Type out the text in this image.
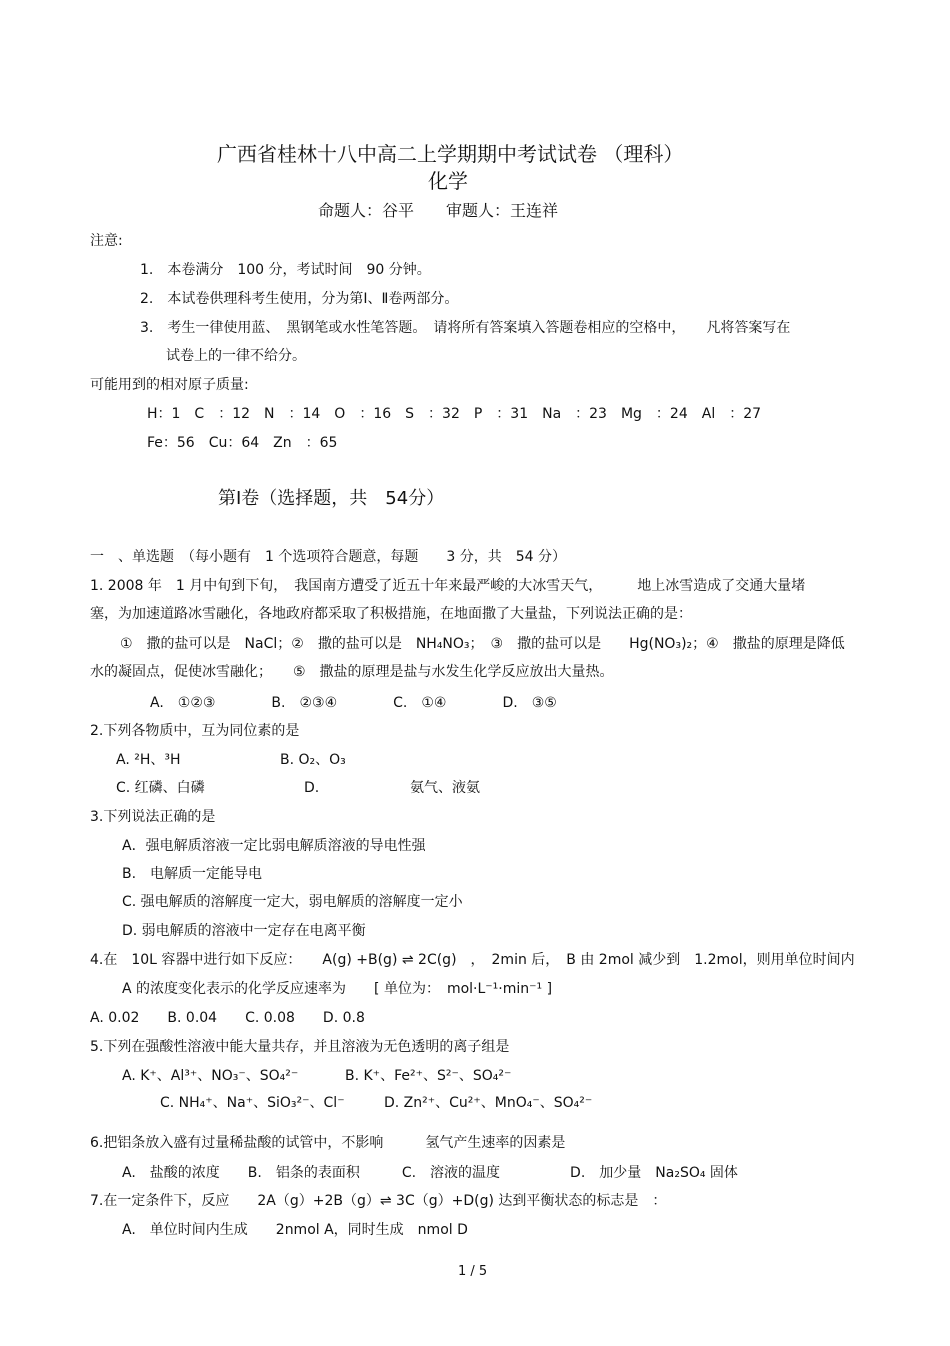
广西省桂林十八中高二上学期期中考试试卷 （理科）
化学
命题人：谷平　　审题人：王连祥
注意:
1.　本卷满分　100 分，考试时间　90 分钟。
2.　本试卷供理科考生使用，分为第Ⅰ、Ⅱ卷两部分。
3.　考生一律使用蓝、　黑钢笔或水性笔答题。　请将所有答案填入答题卷相应的空格中，　　凡将答案写在
试卷上的一律不给分。
可能用到的相对原子质量:
H：1　C　：12　N　：14　O　：16　S　：32　P　：31　Na　：23　Mg　：24　Al　：27
Fe：56　Cu：64　Zn　：65
第Ⅰ卷（选择题，共　54分）
一　、单选题　（每小题有　1 个选项符合题意，每题　　3 分，共　54 分）
1. 2008 年　1 月中旬到下旬，　我国南方遭受了近五十年来最严峻的大冰雪天气，　　　地上冰雪造成了交通大量堵
塞，为加速道路冰雪融化，各地政府都采取了积极措施，在地面撒了大量盐，下列说法正确的是：
①　撒的盐可以是　NaCl；②　撒的盐可以是　NH₄NO₃；　③　撒的盐可以是　　Hg(NO₃)₂；④　撒盐的原理是降低
水的凝固点，促使冰雪融化；　　⑤　撒盐的原理是盐与水发生化学反应放出大量热。
A.　①②③　　　　B.　②③④　　　　C.　①④　　　　D.　③⑤
2.下列各物质中，互为同位素的是
A. ²H、³H	B. O₂、O₃
C. 红磷、白磷	D.	氨气、液氨
3.下列说法正确的是
A．强电解质溶液一定比弱电解质溶液的导电性强
B.　电解质一定能导电
C. 强电解质的溶解度一定大，弱电解质的溶解度一定小
D. 弱电解质的溶液中一定存在电离平衡
4.在　10L 容器中进行如下反应：　　A(g) +B(g) ⇌ 2C(g)　，　2min 后，　B 由 2mol 减少到　1.2mol，则用单位时间内
A 的浓度变化表示的化学反应速率为　　[ 单位为：　mol·L⁻¹·min⁻¹ ]
A. 0.02　　B. 0.04　　C. 0.08　　D. 0.8
5.下列在强酸性溶液中能大量共存，并且溶液为无色透明的离子组是
A. K⁺、Al³⁺、NO₃⁻、SO₄²⁻	B. K⁺、Fe²⁺、S²⁻、SO₄²⁻
C. NH₄⁺、Na⁺、SiO₃²⁻、Cl⁻	D. Zn²⁺、Cu²⁺、MnO₄⁻、SO₄²⁻
6.把铝条放入盛有过量稀盐酸的试管中，不影响　　　氢气产生速率的因素是
A.　盐酸的浓度　　B.　铝条的表面积　　　C.　溶液的温度　　　　　D.　加少量　Na₂SO₄ 固体
7.在一定条件下，反应　　2A（g）+2B（g）⇌ 3C（g）+D(g) 达到平衡状态的标志是　：
A.　单位时间内生成　　2nmol A，同时生成　nmol D
1 / 5
